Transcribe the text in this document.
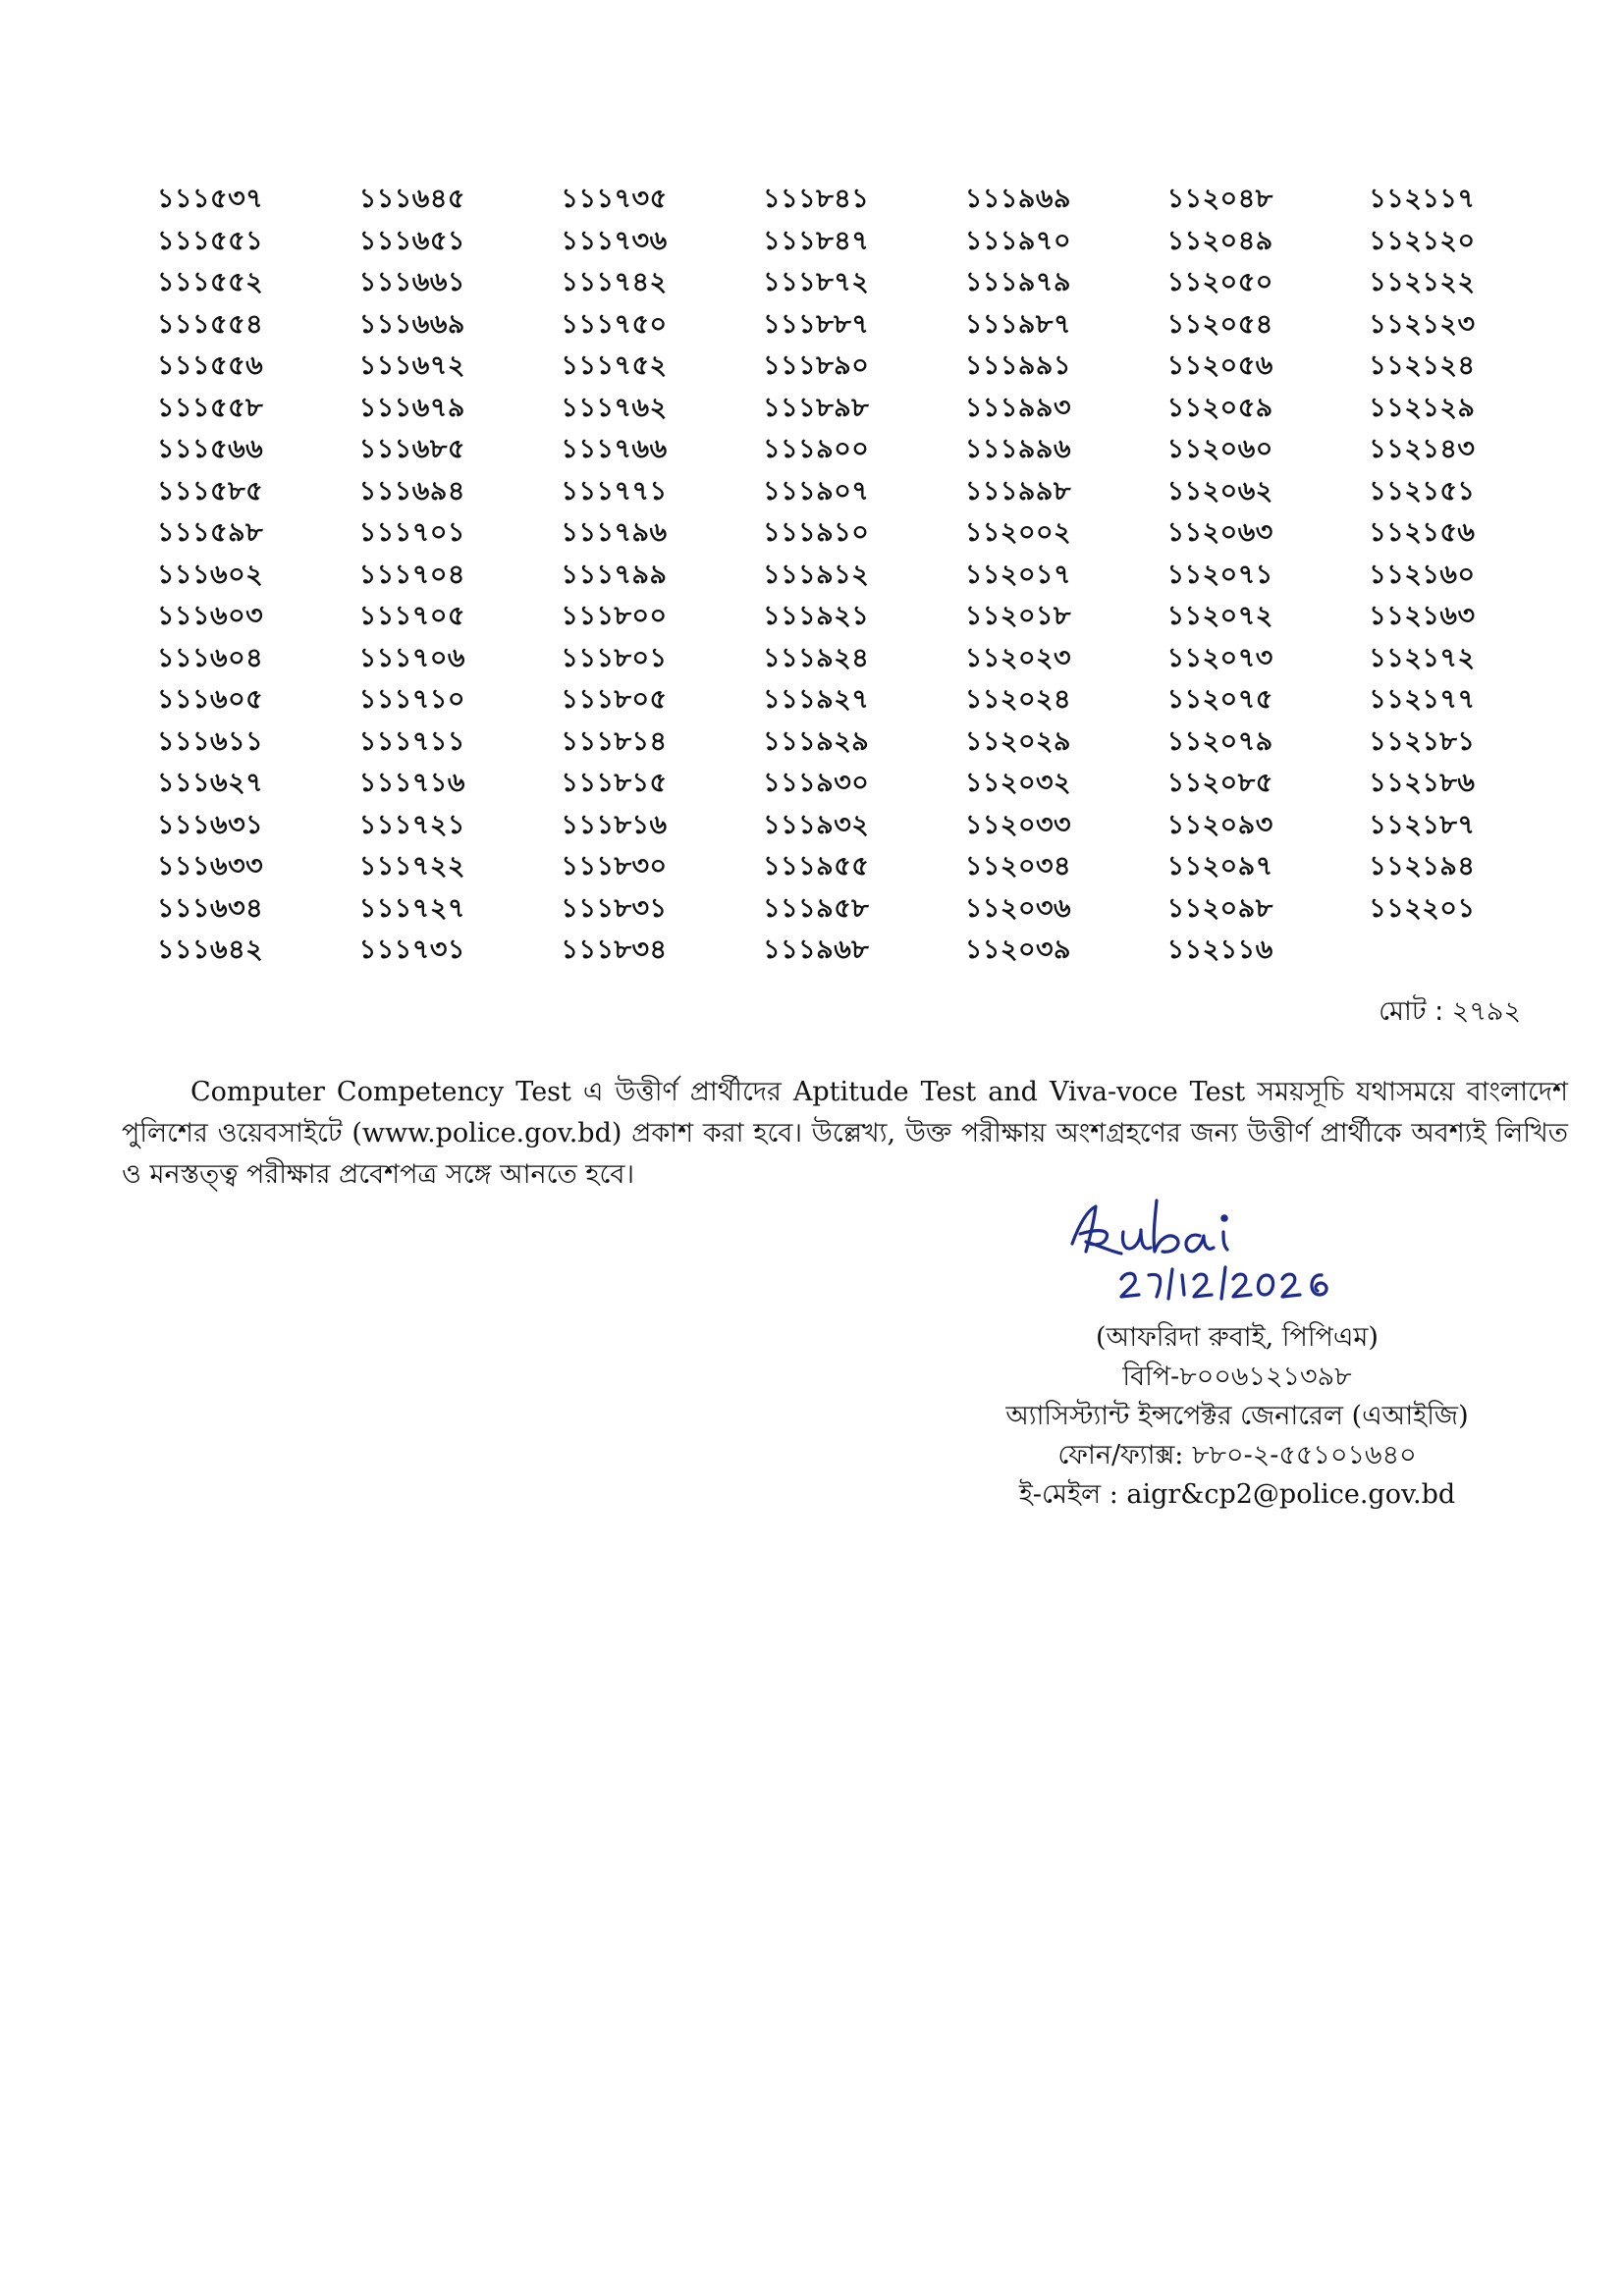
১১১৫৩৭
১১১৫৫১
১১১৫৫২
১১১৫৫৪
১১১৫৫৬
১১১৫৫৮
১১১৫৬৬
১১১৫৮৫
১১১৫৯৮
১১১৬০২
১১১৬০৩
১১১৬০৪
১১১৬০৫
১১১৬১১
১১১৬২৭
১১১৬৩১
১১১৬৩৩
১১১৬৩৪
১১১৬৪২
১১১৬৪৫
১১১৬৫১
১১১৬৬১
১১১৬৬৯
১১১৬৭২
১১১৬৭৯
১১১৬৮৫
১১১৬৯৪
১১১৭০১
১১১৭০৪
১১১৭০৫
১১১৭০৬
১১১৭১০
১১১৭১১
১১১৭১৬
১১১৭২১
১১১৭২২
১১১৭২৭
১১১৭৩১
১১১৭৩৫
১১১৭৩৬
১১১৭৪২
১১১৭৫০
১১১৭৫২
১১১৭৬২
১১১৭৬৬
১১১৭৭১
১১১৭৯৬
১১১৭৯৯
১১১৮০০
১১১৮০১
১১১৮০৫
১১১৮১৪
১১১৮১৫
১১১৮১৬
১১১৮৩০
১১১৮৩১
১১১৮৩৪
১১১৮৪১
১১১৮৪৭
১১১৮৭২
১১১৮৮৭
১১১৮৯০
১১১৮৯৮
১১১৯০০
১১১৯০৭
১১১৯১০
১১১৯১২
১১১৯২১
১১১৯২৪
১১১৯২৭
১১১৯২৯
১১১৯৩০
১১১৯৩২
১১১৯৫৫
১১১৯৫৮
১১১৯৬৮
১১১৯৬৯
১১১৯৭০
১১১৯৭৯
১১১৯৮৭
১১১৯৯১
১১১৯৯৩
১১১৯৯৬
১১১৯৯৮
১১২০০২
১১২০১৭
১১২০১৮
১১২০২৩
১১২০২৪
১১২০২৯
১১২০৩২
১১২০৩৩
১১২০৩৪
১১২০৩৬
১১২০৩৯
১১২০৪৮
১১২০৪৯
১১২০৫০
১১২০৫৪
১১২০৫৬
১১২০৫৯
১১২০৬০
১১২০৬২
১১২০৬৩
১১২০৭১
১১২০৭২
১১২০৭৩
১১২০৭৫
১১২০৭৯
১১২০৮৫
১১২০৯৩
১১২০৯৭
১১২০৯৮
১১২১১৬
১১২১১৭
১১২১২০
১১২১২২
১১২১২৩
১১২১২৪
১১২১২৯
১১২১৪৩
১১২১৫১
১১২১৫৬
১১২১৬০
১১২১৬৩
১১২১৭২
১১২১৭৭
১১২১৮১
১১২১৮৬
১১২১৮৭
১১২১৯৪
১১২২০১
মোট : ২৭৯২

Computer Competency Test এ উত্তীর্ণ প্রার্থীদের Aptitude Test and Viva-voce Test সময়সূচি যথাসময়ে বাংলাদেশ পুলিশের ওয়েবসাইটে (www.police.gov.bd) প্রকাশ করা হবে। উল্লেখ্য, উক্ত পরীক্ষায় অংশগ্রহণের জন্য উত্তীর্ণ প্রার্থীকে অবশ্যই লিখিত ও মনস্তত্ত্ব পরীক্ষার প্রবেশপত্র সঙ্গে আনতে হবে।

(আফরিদা রুবাই, পিপিএম)
বিপি-৮০০৬১২১৩৯৮
অ্যাসিস্ট্যান্ট ইন্সপেক্টর জেনারেল (এআইজি)
ফোন/ফ্যাক্স: ৮৮০-২-৫৫১০১৬৪০
ই-মেইল : aigr&cp2@police.gov.bd
